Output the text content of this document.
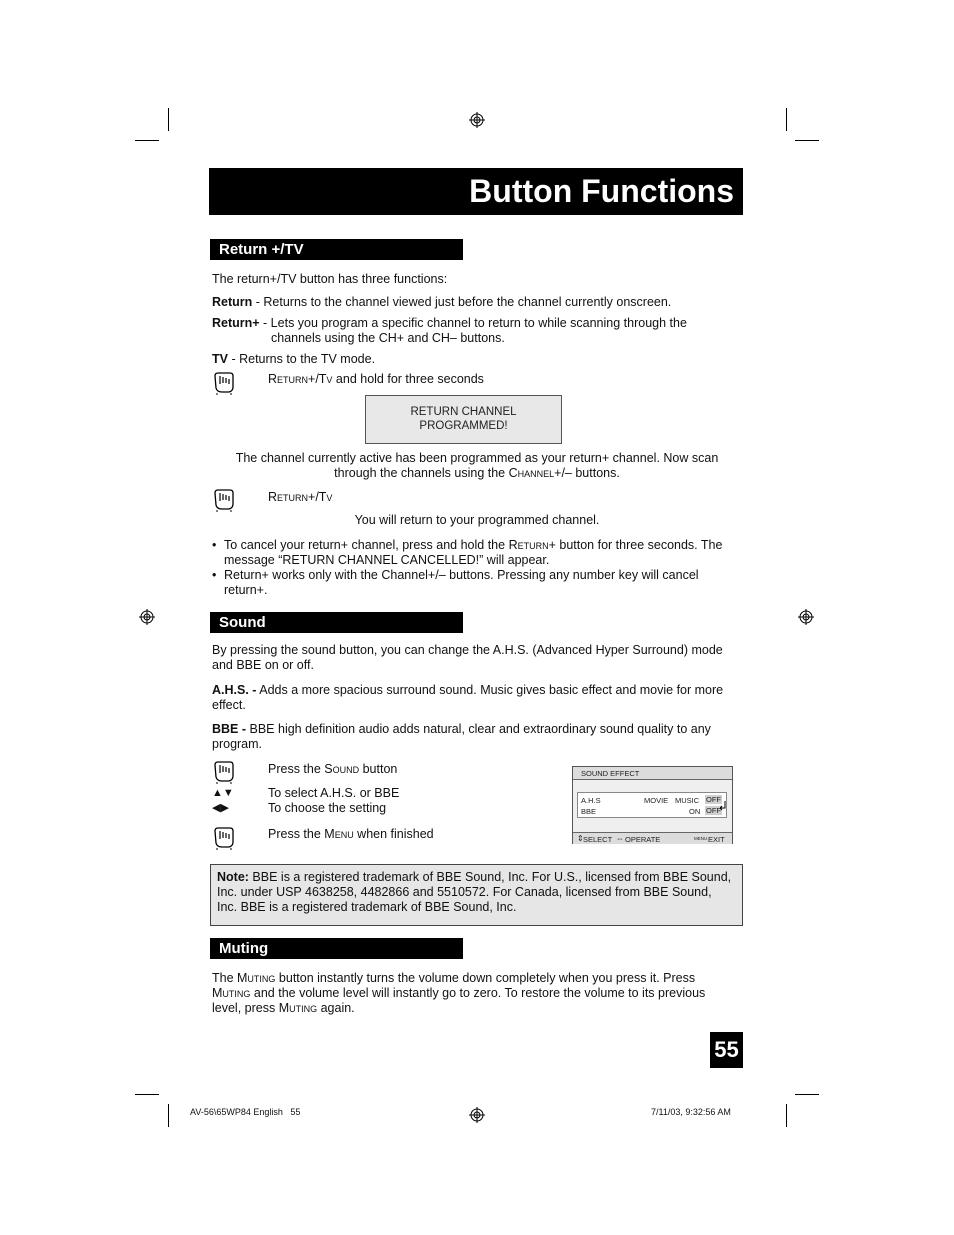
Button Functions
Return +/TV
The return+/TV button has three functions:
Return - Returns to the channel viewed just before the channel currently onscreen.
Return+ - Lets you program a specific channel to return to while scanning through the
channels using the CH+ and CH– buttons.
TV - Returns to the TV mode.
Return+/Tv and hold for three seconds
RETURN CHANNEL
PROGRAMMED!
The channel currently active has been programmed as your return+ channel. Now scan
through the channels using the Channel+/– buttons.
Return+/Tv
You will return to your programmed channel.
• To cancel your return+ channel, press and hold the Return+ button for three seconds. The
message “RETURN CHANNEL CANCELLED!” will appear.
• Return+ works only with the Channel+/– buttons. Pressing any number key will cancel
return+.
Sound
By pressing the sound button, you can change the A.H.S. (Advanced Hyper Surround) mode
and BBE on or off.
A.H.S. - Adds a more spacious surround sound. Music gives basic effect and movie for more
effect.
BBE - BBE high definition audio adds natural, clear and extraordinary sound quality to any
program.
Press the Sound button
▲▼	To select A.H.S. or BBE
◀▶	To choose the setting
Press the Menu when finished
SOUND EFFECT
A.H.S	MOVIE MUSIC OFF
BBE	ON OFF
⇕ SELECT ⇔ OPERATE	MENU EXIT
Note: BBE is a registered trademark of BBE Sound, Inc. For U.S., licensed from BBE Sound,
Inc. under USP 4638258, 4482866 and 5510572. For Canada, licensed from BBE Sound,
Inc. BBE is a registered trademark of BBE Sound, Inc.
Muting
The Muting button instantly turns the volume down completely when you press it. Press
Muting and the volume level will instantly go to zero. To restore the volume to its previous
level, press Muting again.
55
AV-56\65WP84 English   55	7/11/03, 9:32:56 AM
